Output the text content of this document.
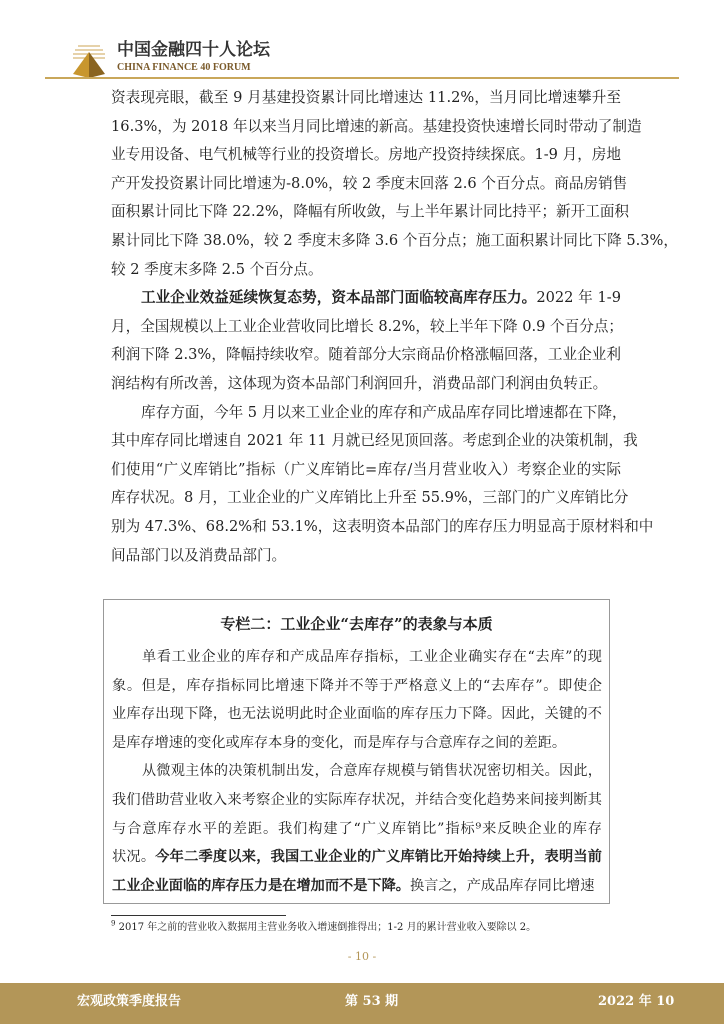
中国金融四十人论坛
CHINA FINANCE 40 FORUM
资表现亮眼，截至 9 月基建投资累计同比增速达 11.2%，当月同比增速攀升至
16.3%，为 2018 年以来当月同比增速的新高。基建投资快速增长同时带动了制造
业专用设备、电气机械等行业的投资增长。房地产投资持续探底。1-9 月，房地
产开发投资累计同比增速为-8.0%，较 2 季度末回落 2.6 个百分点。商品房销售
面积累计同比下降 22.2%，降幅有所收敛，与上半年累计同比持平；新开工面积
累计同比下降 38.0%，较 2 季度末多降 3.6 个百分点；施工面积累计同比下降 5.3%，
较 2 季度末多降 2.5 个百分点。
工业企业效益延续恢复态势，资本品部门面临较高库存压力。2022 年 1-9
月，全国规模以上工业企业营收同比增长 8.2%，较上半年下降 0.9 个百分点；
利润下降 2.3%，降幅持续收窄。随着部分大宗商品价格涨幅回落，工业企业利
润结构有所改善，这体现为资本品部门利润回升，消费品部门利润由负转正。
库存方面，今年 5 月以来工业企业的库存和产成品库存同比增速都在下降，
其中库存同比增速自 2021 年 11 月就已经见顶回落。考虑到企业的决策机制，我
们使用“广义库销比”指标（广义库销比=库存/当月营业收入）考察企业的实际
库存状况。8 月，工业企业的广义库销比上升至 55.9%，三部门的广义库销比分
别为 47.3%、68.2%和 53.1%，这表明资本品部门的库存压力明显高于原材料和中
间品部门以及消费品部门。
专栏二：工业企业“去库存”的表象与本质
单看工业企业的库存和产成品库存指标，工业企业确实存在“去库”的现
象。但是，库存指标同比增速下降并不等于严格意义上的“去库存”。即使企
业库存出现下降，也无法说明此时企业面临的库存压力下降。因此，关键的不
是库存增速的变化或库存本身的变化，而是库存与合意库存之间的差距。
从微观主体的决策机制出发，合意库存规模与销售状况密切相关。因此，
我们借助营业收入来考察企业的实际库存状况，并结合变化趋势来间接判断其
与合意库存水平的差距。我们构建了“广义库销比”指标⁹来反映企业的库存
状况。今年二季度以来，我国工业企业的广义库销比开始持续上升，表明当前
工业企业面临的库存压力是在增加而不是下降。换言之，产成品库存同比增速
$^9$ 2017 年之前的营业收入数据用主营业务收入增速倒推得出；1-2 月的累计营业收入要除以 2。
- 10 -
宏观政策季度报告	第 53 期	2022 年 10
